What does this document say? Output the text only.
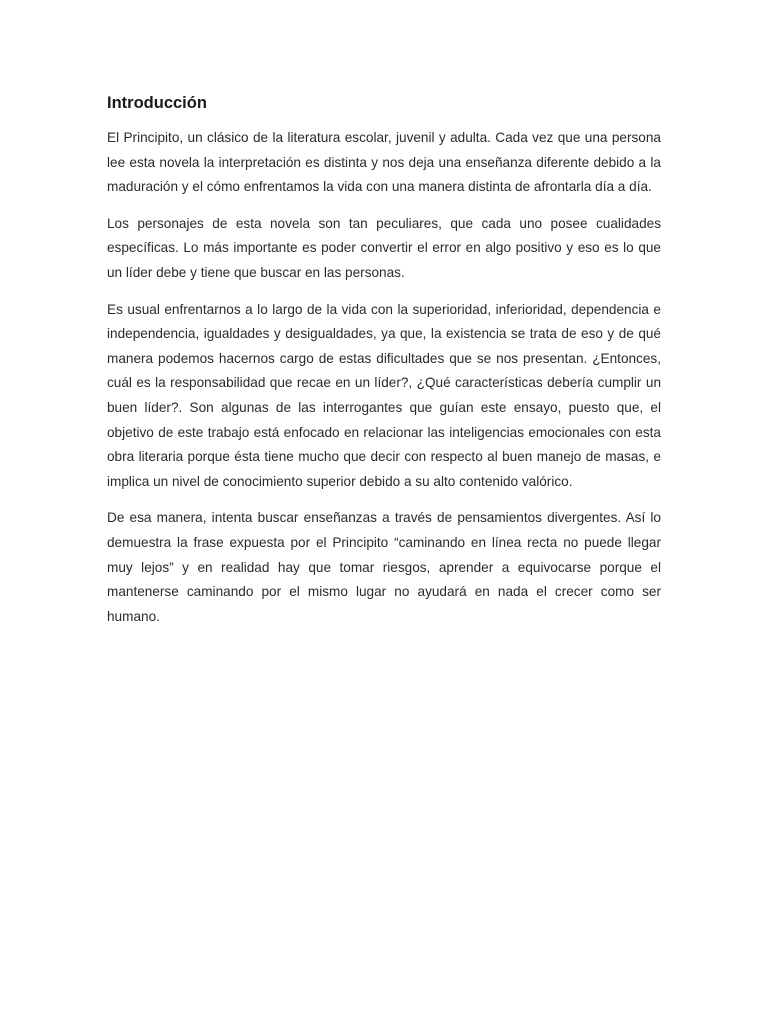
Introducción

El Principito, un clásico de la literatura escolar, juvenil y adulta. Cada vez que una persona lee esta novela la interpretación es distinta y nos deja una enseñanza diferente debido a la maduración y el cómo enfrentamos la vida con una manera distinta de afrontarla día a día.

Los personajes de esta novela son tan peculiares, que cada uno posee cualidades específicas. Lo más importante es poder convertir el error en algo positivo y eso es lo que un líder debe y tiene que buscar en las personas.

Es usual enfrentarnos a lo largo de la vida con la superioridad, inferioridad, dependencia e independencia, igualdades y desigualdades, ya que, la existencia se trata de eso y de qué manera podemos hacernos cargo de estas dificultades que se nos presentan. ¿Entonces, cuál es la responsabilidad que recae en un líder?, ¿Qué características debería cumplir un buen líder?. Son algunas de las interrogantes que guían este ensayo, puesto que, el objetivo de este trabajo está enfocado en relacionar las inteligencias emocionales con esta obra literaria porque ésta tiene mucho que decir con respecto al buen manejo de masas, e implica un nivel de conocimiento superior debido a su alto contenido valórico.

De esa manera, intenta buscar enseñanzas a través de pensamientos divergentes. Así lo demuestra la frase expuesta por el Principito “caminando en línea recta no puede llegar muy lejos” y en realidad hay que tomar riesgos, aprender a equivocarse porque el mantenerse caminando por el mismo lugar no ayudará en nada el crecer como ser humano.
